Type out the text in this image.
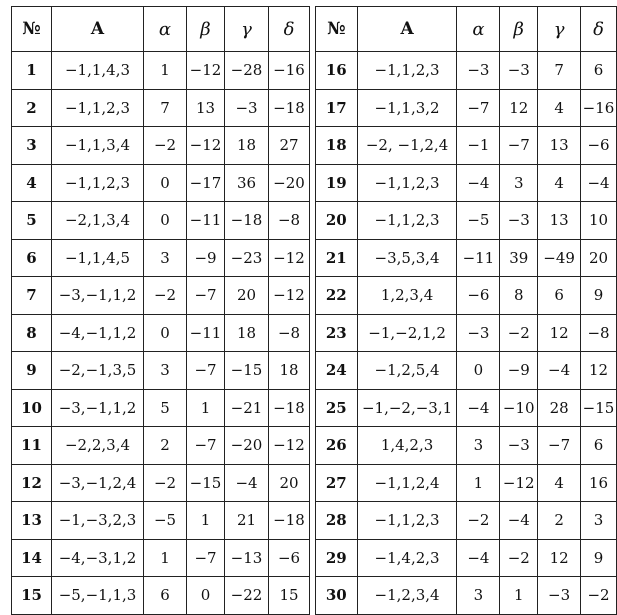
№	A	α	β	γ	δ
1	−1,1,4,3	1	−12	−28	−16
2	−1,1,2,3	7	13	−3	−18
3	−1,1,3,4	−2	−12	18	27
4	−1,1,2,3	0	−17	36	−20
5	−2,1,3,4	0	−11	−18	−8
6	−1,1,4,5	3	−9	−23	−12
7	−3,−1,1,2	−2	−7	20	−12
8	−4,−1,1,2	0	−11	18	−8
9	−2,−1,3,5	3	−7	−15	18
10	−3,−1,1,2	5	1	−21	−18
11	−2,2,3,4	2	−7	−20	−12
12	−3,−1,2,4	−2	−15	−4	20
13	−1,−3,2,3	−5	1	21	−18
14	−4,−3,1,2	1	−7	−13	−6
15	−5,−1,1,3	6	0	−22	15
№	A	α	β	γ	δ
16	−1,1,2,3	−3	−3	7	6
17	−1,1,3,2	−7	12	4	−16
18	−2, −1,2,4	−1	−7	13	−6
19	−1,1,2,3	−4	3	4	−4
20	−1,1,2,3	−5	−3	13	10
21	−3,5,3,4	−11	39	−49	20
22	1,2,3,4	−6	8	6	9
23	−1,−2,1,2	−3	−2	12	−8
24	−1,2,5,4	0	−9	−4	12
25	−1,−2,−3,1	−4	−10	28	−15
26	1,4,2,3	3	−3	−7	6
27	−1,1,2,4	1	−12	4	16
28	−1,1,2,3	−2	−4	2	3
29	−1,4,2,3	−4	−2	12	9
30	−1,2,3,4	3	1	−3	−2
